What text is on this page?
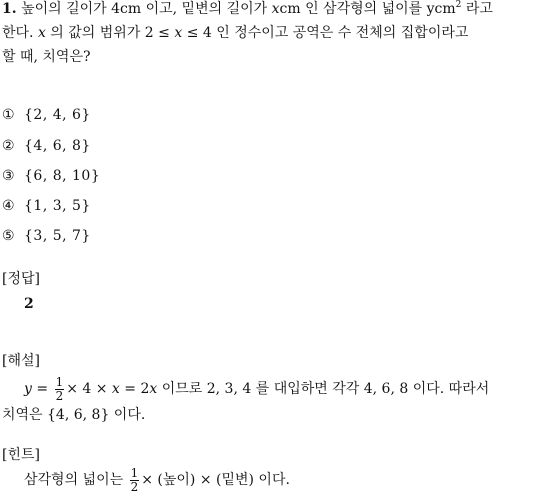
1. 높이의 길이가 4cm 이고, 밑변의 길이가 xcm 인 삼각형의 넓이를 ycm$^2$ 라고
한다. x 의 값의 범위가 2 ≤ x ≤ 4 인 정수이고 공역은 수 전체의 집합이라고
할 때, 치역은?
① {2, 4, 6}
② {4, 6, 8}
③ {6, 8, 10}
④ {1, 3, 5}
⑤ {3, 5, 7}
[정답]
2
[해설]
$y = \frac{1}{2} \times 4 \times x = 2x$ 이므로 2, 3, 4 를 대입하면 각각 4, 6, 8 이다. 따라서
치역은 {4, 6, 8} 이다.
[힌트]
삼각형의 넓이는 $\frac{1}{2}$ × (높이) × (밑변) 이다.
